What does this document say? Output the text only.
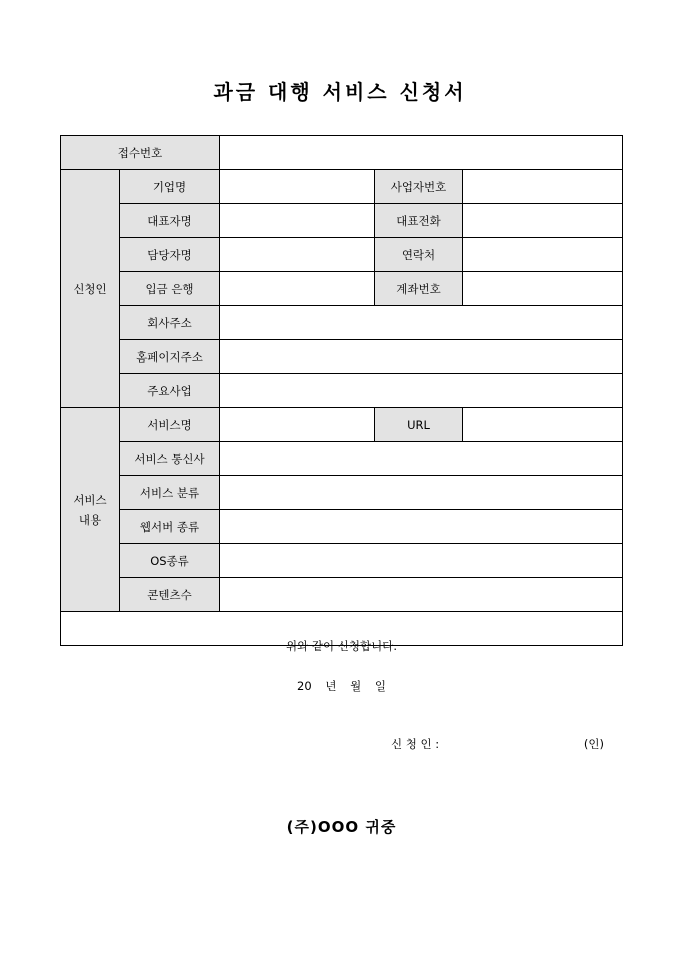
과금 대행 서비스 신청서
접수번호				
신청인	기업명		사업자번호	
	대표자명		대표전화	
	담당자명		연락처	
	입금 은행		계좌번호	
	회사주소			
	홈페이지주소			
	주요사업			
서비스 내용	서비스명		URL	
	서비스 통신사			
	서비스 분류			
	웹서버 종류			
	OS종류			
	콘텐츠수			

위와 같이 신청합니다.
20 년 월 일
신 청 인 : (인)
(주)OOO 귀중				
